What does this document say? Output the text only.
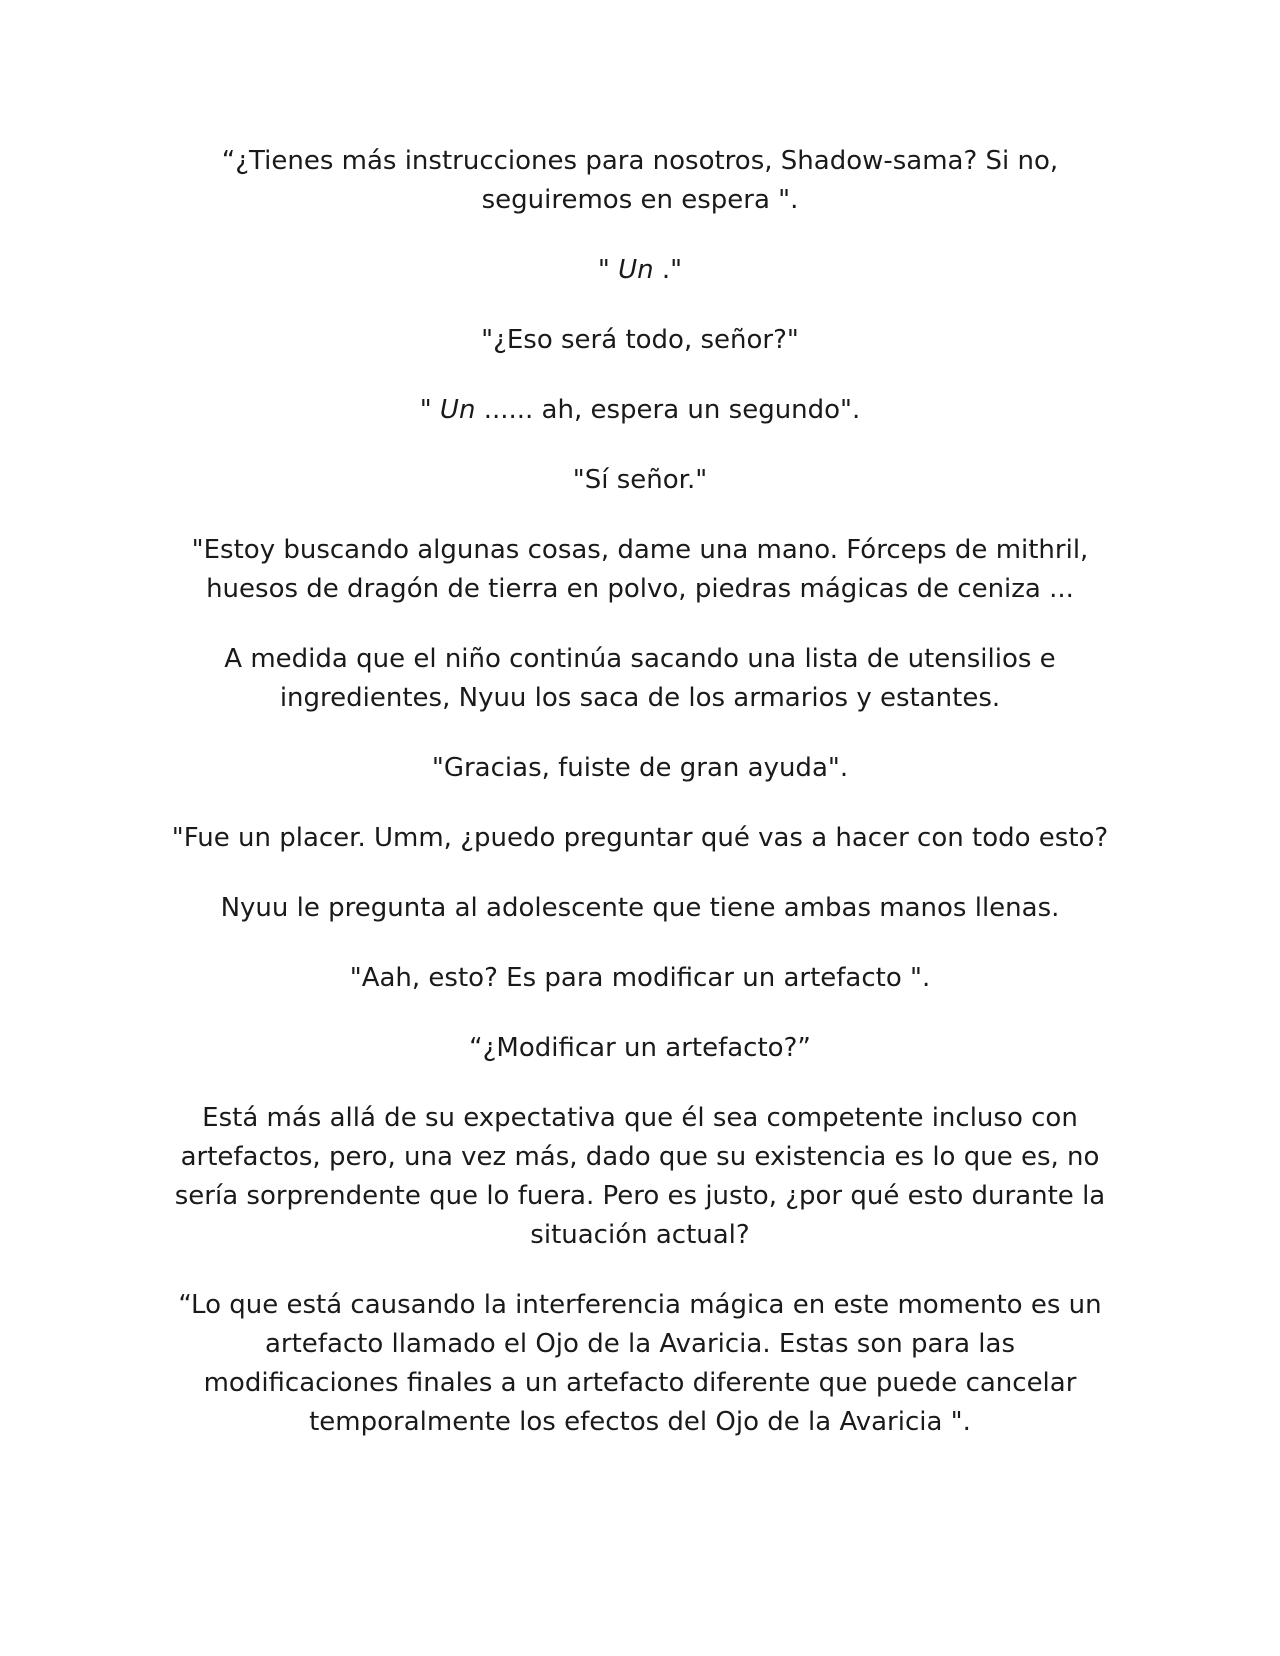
“¿Tienes más instrucciones para nosotros, Shadow-sama? Si no, seguiremos en espera ".

" Un ."

"¿Eso será todo, señor?"

" Un ...... ah, espera un segundo".

"Sí señor."

"Estoy buscando algunas cosas, dame una mano. Fórceps de mithril, huesos de dragón de tierra en polvo, piedras mágicas de ceniza ...

A medida que el niño continúa sacando una lista de utensilios e ingredientes, Nyuu los saca de los armarios y estantes.

"Gracias, fuiste de gran ayuda".

"Fue un placer. Umm, ¿puedo preguntar qué vas a hacer con todo esto?

Nyuu le pregunta al adolescente que tiene ambas manos llenas.

"Aah, esto? Es para modificar un artefacto ".

“¿Modificar un artefacto?”

Está más allá de su expectativa que él sea competente incluso con artefactos, pero, una vez más, dado que su existencia es lo que es, no sería sorprendente que lo fuera. Pero es justo, ¿por qué esto durante la situación actual?

“Lo que está causando la interferencia mágica en este momento es un artefacto llamado el Ojo de la Avaricia. Estas son para las modificaciones finales a un artefacto diferente que puede cancelar temporalmente los efectos del Ojo de la Avaricia ".
